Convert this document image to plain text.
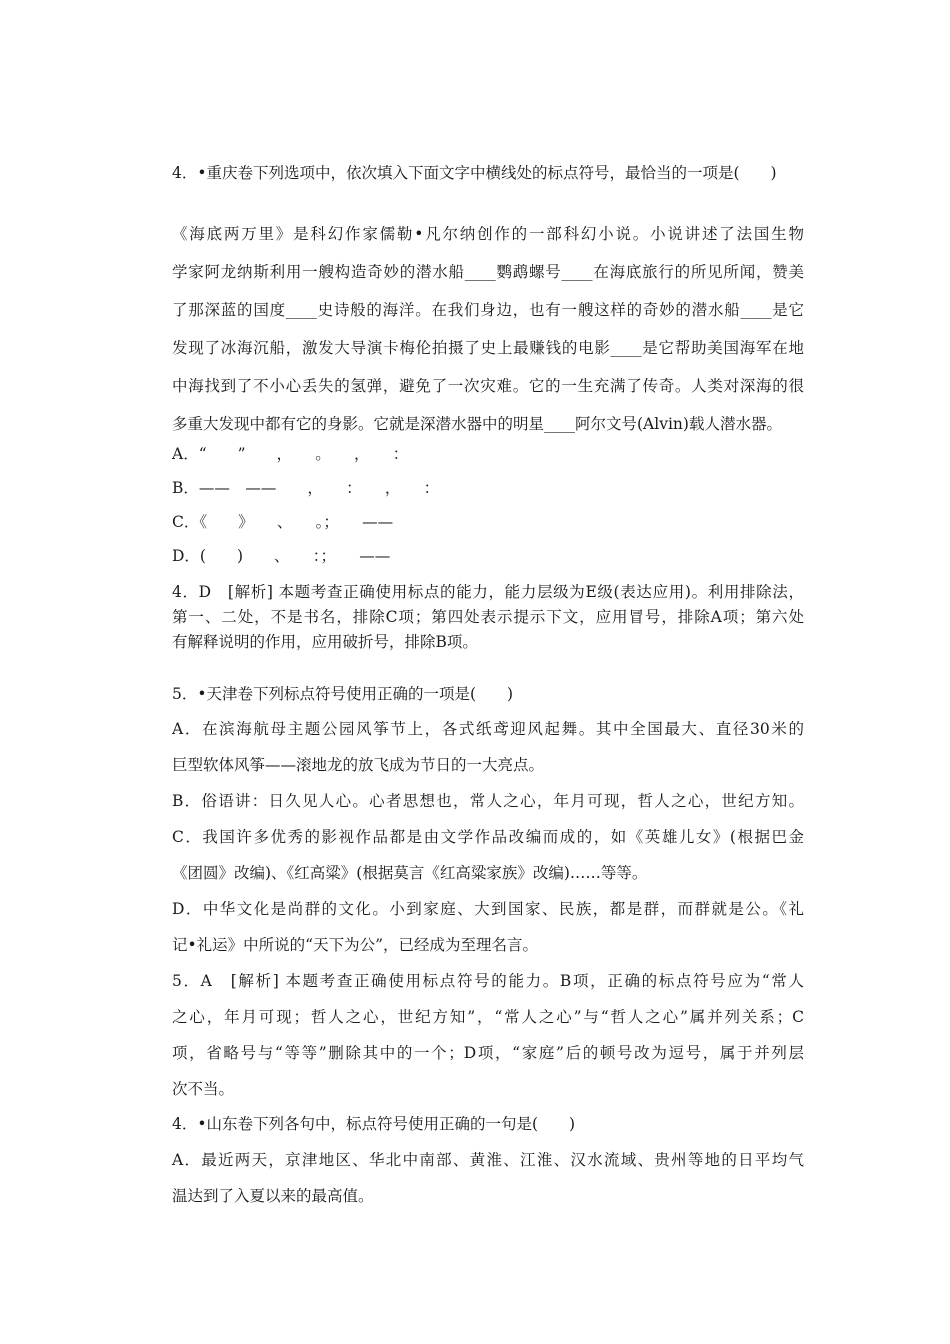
4．•重庆卷下列选项中，依次填入下面文字中横线处的标点符号，最恰当的一项是(　　)
《海底两万里》是科幻作家儒勒•凡尔纳创作的一部科幻小说。小说讲述了法国生物
学家阿龙纳斯利用一艘构造奇妙的潜水船____鹦鹉螺号____在海底旅行的所见所闻，赞美
了那深蓝的国度____史诗般的海洋。在我们身边，也有一艘这样的奇妙的潜水船____是它
发现了冰海沉船，激发大导演卡梅伦拍摄了史上最赚钱的电影____是它帮助美国海军在地
中海找到了不小心丢失的氢弹，避免了一次灾难。它的一生充满了传奇。人类对深海的很
多重大发现中都有它的身影。它就是深潜水器中的明星____阿尔文号(Alvin)载人潜水器。
A．“　　”　　，　　。　　，　　：
B．——　——　　，　　：　　，　　：
C．《　　》　　、　　。；　　——
D．(　　)　　、　　：；　　——
4．D　[解析] 本题考查正确使用标点的能力，能力层级为E级(表达应用)。利用排除法，
第一、二处，不是书名，排除C项；第四处表示提示下文，应用冒号，排除A项；第六处
有解释说明的作用，应用破折号，排除B项。
5．•天津卷下列标点符号使用正确的一项是(　　)
A．在滨海航母主题公园风筝节上，各式纸鸢迎风起舞。其中全国最大、直径30米的
巨型软体风筝——滚地龙的放飞成为节日的一大亮点。
B．俗语讲：日久见人心。心者思想也，常人之心，年月可现，哲人之心，世纪方知。
C．我国许多优秀的影视作品都是由文学作品改编而成的，如《英雄儿女》(根据巴金
《团圆》改编)、《红高粱》(根据莫言《红高粱家族》改编)……等等。
D．中华文化是尚群的文化。小到家庭、大到国家、民族，都是群，而群就是公。《礼
记•礼运》中所说的“天下为公”，已经成为至理名言。
5．A　[解析] 本题考查正确使用标点符号的能力。B项，正确的标点符号应为“常人
之心，年月可现；哲人之心，世纪方知”，“常人之心”与“哲人之心”属并列关系；C
项，省略号与“等等”删除其中的一个；D项，“家庭”后的顿号改为逗号，属于并列层
次不当。
4．•山东卷下列各句中，标点符号使用正确的一句是(　　)
A．最近两天，京津地区、华北中南部、黄淮、江淮、汉水流域、贵州等地的日平均气
温达到了入夏以来的最高值。
